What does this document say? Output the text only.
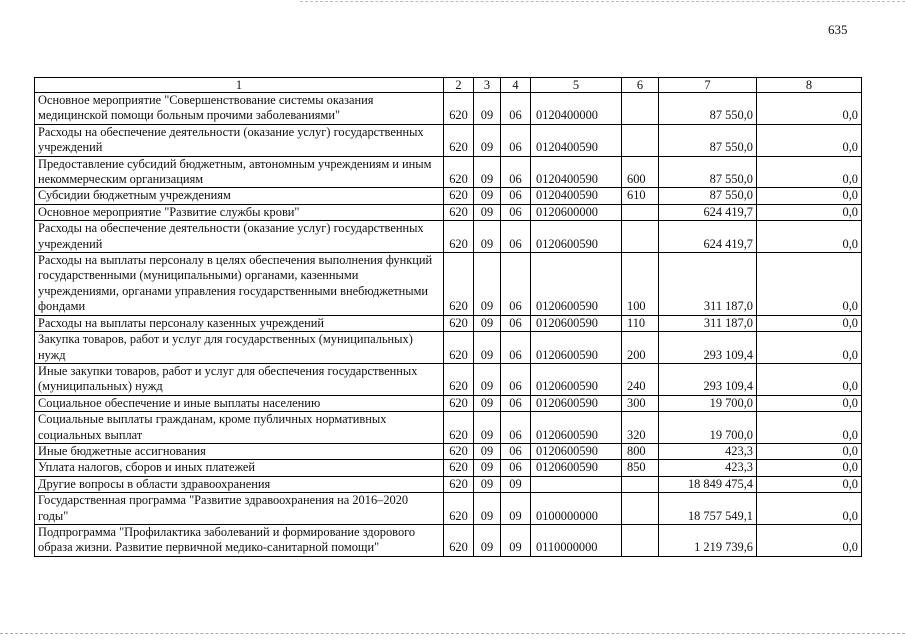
635
1	2	3	4	5	6	7	8
Основное мероприятие "Совершенствование системы оказания медицинской помощи больным прочими заболеваниями"	620	09	06	0120400000		87 550,0	0,0
Расходы на обеспечение деятельности (оказание услуг) государственных учреждений	620	09	06	0120400590		87 550,0	0,0
Предоставление субсидий бюджетным, автономным учреждениям и иным некоммерческим организациям	620	09	06	0120400590	600	87 550,0	0,0
Субсидии бюджетным учреждениям	620	09	06	0120400590	610	87 550,0	0,0
Основное мероприятие "Развитие службы крови"	620	09	06	0120600000		624 419,7	0,0
Расходы на обеспечение деятельности (оказание услуг) государственных учреждений	620	09	06	0120600590		624 419,7	0,0
Расходы на выплаты персоналу в целях обеспечения выполнения функций государственными (муниципальными) органами, казенными учреждениями, органами управления государственными внебюджетными фондами	620	09	06	0120600590	100	311 187,0	0,0
Расходы на выплаты персоналу казенных учреждений	620	09	06	0120600590	110	311 187,0	0,0
Закупка товаров, работ и услуг для государственных (муниципальных) нужд	620	09	06	0120600590	200	293 109,4	0,0
Иные закупки товаров, работ и услуг для обеспечения государственных (муниципальных) нужд	620	09	06	0120600590	240	293 109,4	0,0
Социальное обеспечение и иные выплаты населению	620	09	06	0120600590	300	19 700,0	0,0
Социальные выплаты гражданам, кроме публичных нормативных социальных выплат	620	09	06	0120600590	320	19 700,0	0,0
Иные бюджетные ассигнования	620	09	06	0120600590	800	423,3	0,0
Уплата налогов, сборов и иных платежей	620	09	06	0120600590	850	423,3	0,0
Другие вопросы в области здравоохранения	620	09	09			18 849 475,4	0,0
Государственная программа "Развитие здравоохранения на 2016–2020 годы"	620	09	09	0100000000		18 757 549,1	0,0
Подпрограмма "Профилактика заболеваний и формирование здорового образа жизни. Развитие первичной медико-санитарной помощи"	620	09	09	0110000000		1 219 739,6	0,0
